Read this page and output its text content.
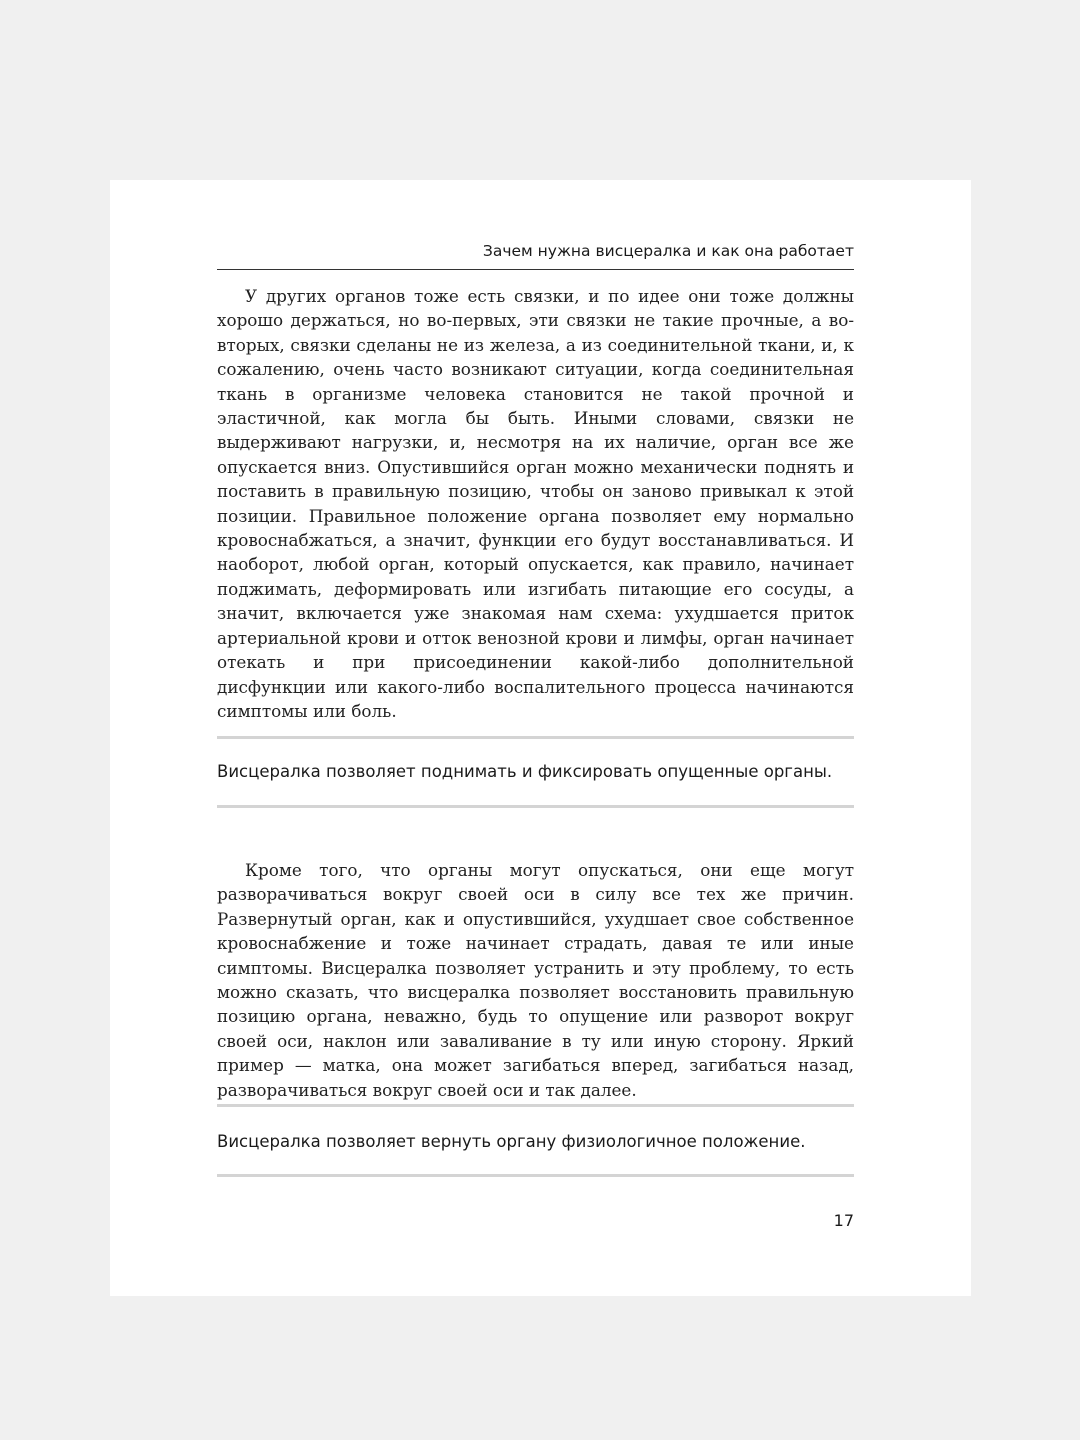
Зачем нужна висцералка и как она работает

У других органов тоже есть связки, и по идее они тоже должны хорошо держаться, но во-первых, эти связки не такие прочные, а во-вторых, связки сделаны не из железа, а из соединительной ткани, и, к сожалению, очень часто возникают ситуации, когда соединительная ткань в организме человека становится не такой прочной и эластичной, как могла бы быть. Иными словами, связки не выдерживают нагрузки, и, несмотря на их наличие, орган все же опускается вниз. Опустившийся орган можно механически поднять и поставить в правильную позицию, чтобы он заново привыкал к этой позиции. Правильное положение органа позволяет ему нормально кровоснабжаться, а значит, функции его будут восстанавливаться. И наоборот, любой орган, который опускается, как правило, начинает поджимать, деформировать или изгибать питающие его сосуды, а значит, включается уже знакомая нам схема: ухудшается приток артериальной крови и отток венозной крови и лимфы, орган начинает отекать и при присоединении какой-либо дополнительной дисфункции или какого-либо воспалительного процесса начинаются симптомы или боль.

Висцералка позволяет поднимать и фиксировать опущенные органы.

Кроме того, что органы могут опускаться, они еще могут разворачиваться вокруг своей оси в силу все тех же причин. Развернутый орган, как и опустившийся, ухудшает свое собственное кровоснабжение и тоже начинает страдать, давая те или иные симптомы. Висцералка позволяет устранить и эту проблему, то есть можно сказать, что висцералка позволяет восстановить правильную позицию органа, неважно, будь то опущение или разворот вокруг своей оси, наклон или заваливание в ту или иную сторону. Яркий пример — матка, она может загибаться вперед, загибаться назад, разворачиваться вокруг своей оси и так далее.

Висцералка позволяет вернуть органу физиологичное положение.
17
